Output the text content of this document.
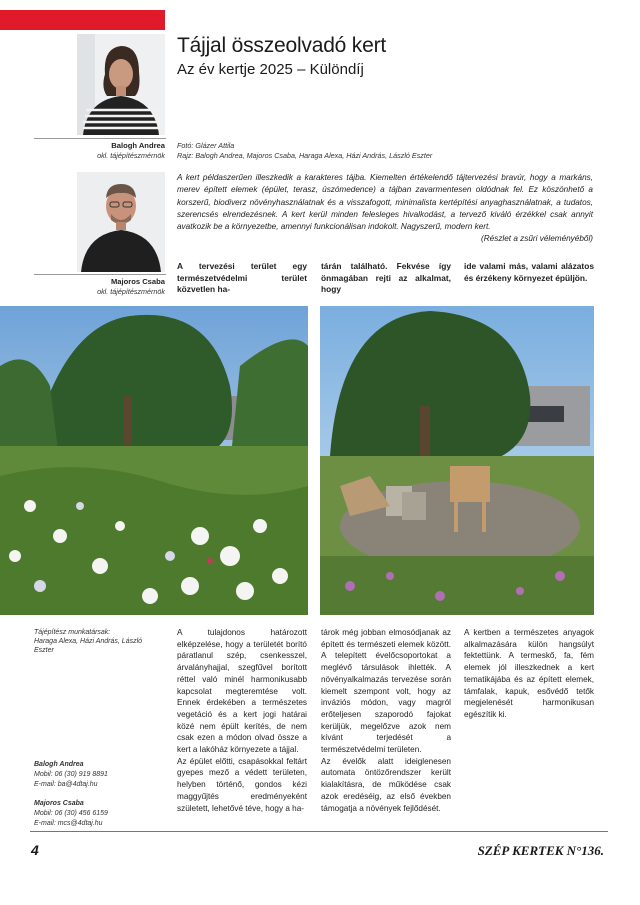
Balogh Andrea
okl. tájépítészmérnök
Majoros Csaba
okl. tájépítészmérnök
Tájjal összeolvadó kert
Az év kertje 2025 – Különdíj
Fotó: Glázer Attila
Rajz: Balogh Andrea, Majoros Csaba, Haraga Alexa, Házi András, László Eszter
A kert példaszerűen illeszkedik a karakteres tájba. Kiemelten értékelendő tájtervezési bravúr, hogy a markáns, merev épített elemek (épület, terasz, úszómedence) a tájban zavarmentesen oldódnak fel. Ez köszönhető a korszerű, biodiverz növényhasználatnak és a visszafogott, minimalista kertépítési anyaghasználatnak, a tudatos, szerencsés elrendezésnek. A kert kerül minden felesleges hivalkodást, a tervező kiváló érzékkel csak annyit avatkozik be a környezetbe, amennyi funkcionálisan indokolt. Nagyszerű, modern kert.
(Részlet a zsűri véleményéből)
A tervezési terület egy természetvédelmi terület közvetlen ha-
tárán található. Fekvése így önmagában rejti az alkalmat, hogy
ide valami más, valami alázatos és érzékeny környezet épüljön.
Tájépítész munkatársak:
Haraga Alexa, Házi András, László Eszter
Balogh Andrea
Mobil: 06 (30) 919 8891
E-mail: ba@4dtaj.hu
Majoros Csaba
Mobil: 06 (30) 456 6159
E-mail: mcs@4dtaj.hu

A tulajdonos határozott elképzelése, hogy a területét borító páratlanul szép, csenkesszel, árvalányhajjal, szegfűvel borított réttel való minél harmonikusabb kapcsolat megteremtése volt. Ennek érdekében a természetes vegetáció és a kert jogi határai közé nem épült kerítés, de nem csak ezen a módon olvad össze a kert a lakóház környezete a tájjal.

Az épület előtti, csapásokkal feltárt gyepes mező a védett területen, helyben történő, gondos kézi maggyűjtés eredményeként született, lehetővé téve, hogy a ha-

tárok még jobban elmosódjanak az épített és természeti elemek között. A telepített évelőcsoportokat a meglévő társulások ihlették. A növényalkalmazás tervezése során kiemelt szempont volt, hogy az inváziós módon, vagy magról erőteljesen szaporodó fajokat kerüljük, megelőzve azok nem kívánt terjedését a természetvédelmi területen.

Az évelők alatt ideiglenesen automata öntözőrendszer került kialakításra, de működése csak azok eredéséig, az első években támogatja a növények fejlődését.

A kertben a természetes anyagok alkalmazására külön hangsúlyt fektettünk. A termeskő, fa, fém elemek jól illeszkednek a kert tematikájába és az épített elemek, támfalak, kapuk, esővédő tetők megjelenését harmonikusan egészítik ki.

4	SZÉP KERTEK N°136.
